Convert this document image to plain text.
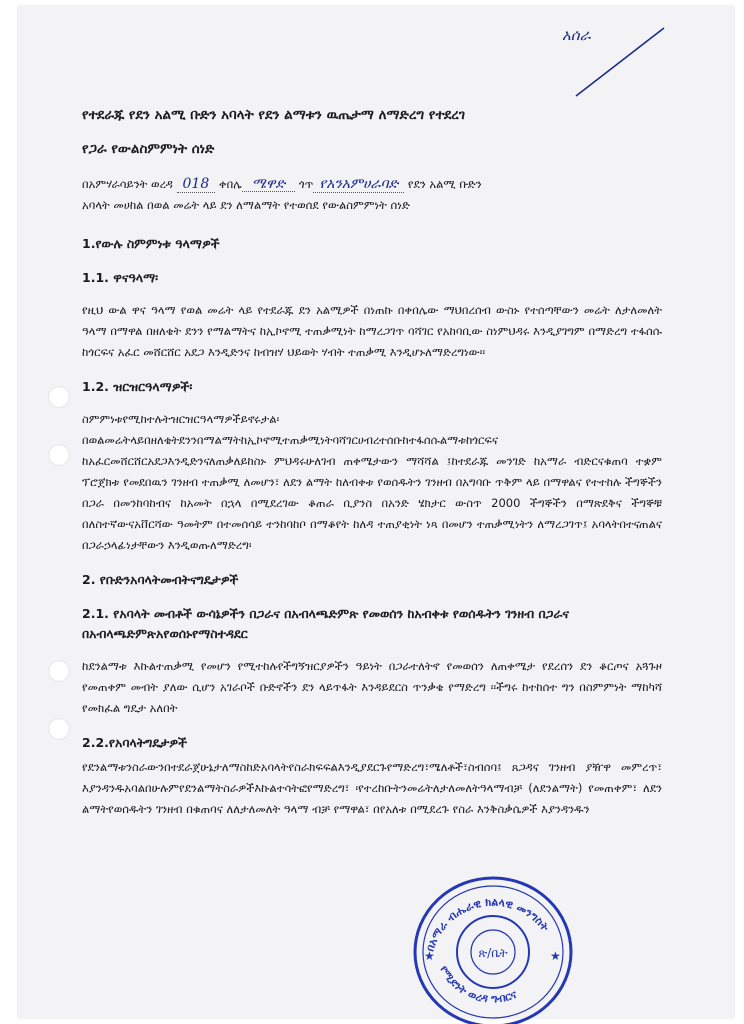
አሰራ

የተደራጁ የደን አልሚ ቡድን አባላት የደን ልማቱን ዉጤታማ ለማድረግ የተደረገ

የጋራ የውልስምምነት ሰነድ

በአምሃራሳይንት ወረዳ 018 ቀበሌ ሜዋድ ጎጥ የአንአምሀራባድ የደን አልሚ ቡድን

አባላት መሀከል በወል መሬት ላይ ደን ለማልማት የተወሰደ የውልስምምነት ሰነድ

1.የውሉ ስምምነቱ ዓላማዎች

1.1. ዋናዓላማ፡

የዚህ ውል ዋና ዓላማ የወል መሬት ላይ የተደራጁ ደን አልሚዎች በነጠኩ በቀበሌው ማህበረሰብ ውስኑ የተሰጣቸውን መሬት ለታለመለት ዓላማ በማዋል በዘለቄት ደንን የማልማትና ከኢኮኖሚ ተጠቃሚነት ከማረጋገጥ ባሻገር የአከባቢው ስነምህዳሩ እንዲያገግም በማድረግ ተፋሰሱ ከጎርፍና አፈር መሸርሸር አደጋ እንዲድንና ከብዝሃ ህይወት ሃብት ተጠቃሚ እንዲሆኑለማድረግነው፡፡

1.2. ዝርዝርዓላማዎች፡

ስምምነቱየሚከተሉትዝርዝርዓላማዎችይኖሩታል፡

በወልመሬትላይበዘለቄትደንንበማልማትከኢኮኖሚተጠቃሚነትባሻገርሀብረተሰቡከተፋሰሱልማቱከጎርፍና ከአፈርመሸርሸርአደጋእንዲድንናለጠቃለይከስኑ ምህዳሩሁለገብ ጠቀሜታውን ማሻሻል ፤ከተደራጁ መንገድ ከአማራ ብድርናቁጠባ ተቋም ፕሮጀክቱ የመደበዉን ገንዘብ ተጠቃሚ ለመሆን፣ ለደን ልማት ከለብቀቱ የወሰዱትን ገንዘብ በአግባቡ ጥቅም ላይ በማዋልና የተተከሉ ችግኞችን በጋራ በመንከባከብና ከአመት በኋላ በሚደረገው ቆጠራ ቢያንስ በአንድ ሄክታር ውስጥ 2000 ችግኞችን በማጽደቅና ችግኞቹ በለስተኛውናአቨርሻው ዓመትም በተመሰሳይ ተንከባከቦ በማቆየት ከለዳ ተጠያቂነት ነጻ በመሆን ተጠቃሚነትን ለማረጋገጥ፤ አባላትበተናጠልና በጋራኃላፊነታቸውን እንዲወጡለማድረግ፡

2. የቡድንአባላትመብትናግዴታዎች

2.1. የአባላት መብቶች ውሳኔዎችን በጋራና በአብላጫድምጽ የመወሰን ከአብቀቱ የወሰዱትን ገንዘብ በጋራና በአብላጫድምጽአየወሰኑየማስተዳደር

ከደንልማቱ እኩልተጠቃሚ የመሆን የሚተከሉየችግኝዝርያዎችን ዓይነት በጋራተለትኖ የመወሰን ለጠቀሜታ የደረሰን ደን ቆርጦና አጓጉዞ የመጠቀም መብት ያለው ሲሆን አገራቦች ቡድኖችን ደን ላይጥፋት እንዳይደርስ ጥንቃቄ የማድረግ ፡፡ችግሩ ከተከሰተ ግን በስምምነት ማከካሻ የመክፈል ግዴታ አለበት

2.2.የአባላትግዴታዎች

የደንልማቱንስራውንበተደራጀሁኔታለማስከድአባላትየስራክፍፍልእንዲያደርጉየማድረግ፣ሜለቶች፣ስብሰባ፤ ጸጋዳና ገንዘብ ያዥዋ መምረጥ፣ እያንዳንዱአባልበሁሉምየደንልማትስራዎችእኩልተሳትፎየማድረግ፣ ፡የተረከቡትንመሬትለታለመለትዓላማብቻ (ለደንልማት) የመጠቀም፣ ለደን ልማትየወሰዱትን ገንዘብ በቁጠባና ለለታለመለት ዓላማ ብቻ የማዋል፣ በየአለቱ በሚደረጉ የስራ እንቅስቃሴዎች እያንዳንዱን

★	★
በአማራ ብሔራዊ ክልላዊ መንግስት
የሚደንት ወረዳ ግብርና
ጽ/ቤት
